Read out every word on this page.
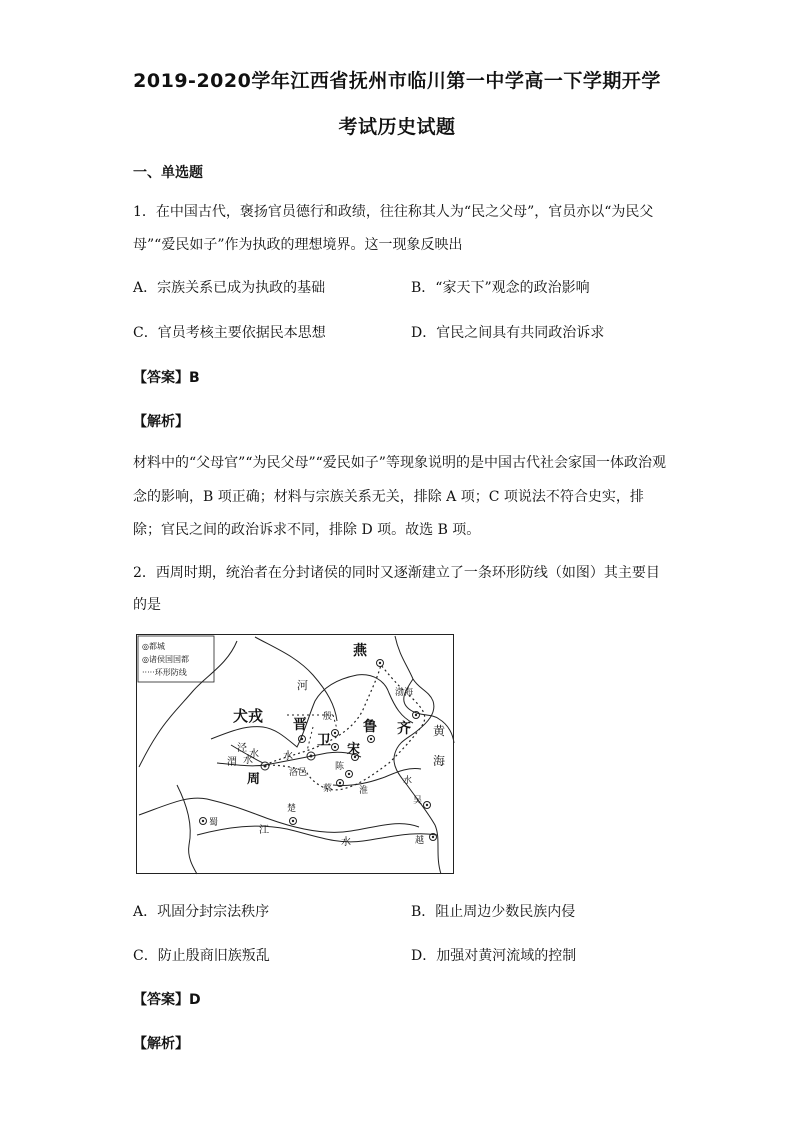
2019-2020学年江西省抚州市临川第一中学高一下学期开学
考试历史试题
一、单选题
1．在中国古代，褒扬官员德行和政绩，往往称其人为“民之父母”，官员亦以“为民父
母”“爱民如子”作为执政的理想境界。这一现象反映出
A．宗族关系已成为执政的基础	B．“家天下”观念的政治影响
C．官员考核主要依据民本思想	D．官民之间具有共同政治诉求
【答案】B
【解析】
材料中的“父母官”“为民父母”“爱民如子”等现象说明的是中国古代社会家国一体政治观
念的影响，B 项正确；材料与宗族关系无关，排除 A 项；C 项说法不符合史实，排
除；官民之间的政治诉求不同，排除 D 项。故选 B 项。
2．西周时期，统治者在分封诸侯的同时又逐渐建立了一条环形防线（如图）其主要目
的是
◎都城
◎诸侯国国都
·····环形防线
燕
河
渤海
犬戎 晋 殷
鲁 齐 黄
海
卫
宋
泾
水
渭 水	水
周	洛邑
陈
蔡	淮
水
吴
蜀
楚
江
水	越
A．巩固分封宗法秩序	B．阻止周边少数民族内侵
C．防止殷商旧族叛乱	D．加强对黄河流域的控制
【答案】D
【解析】
